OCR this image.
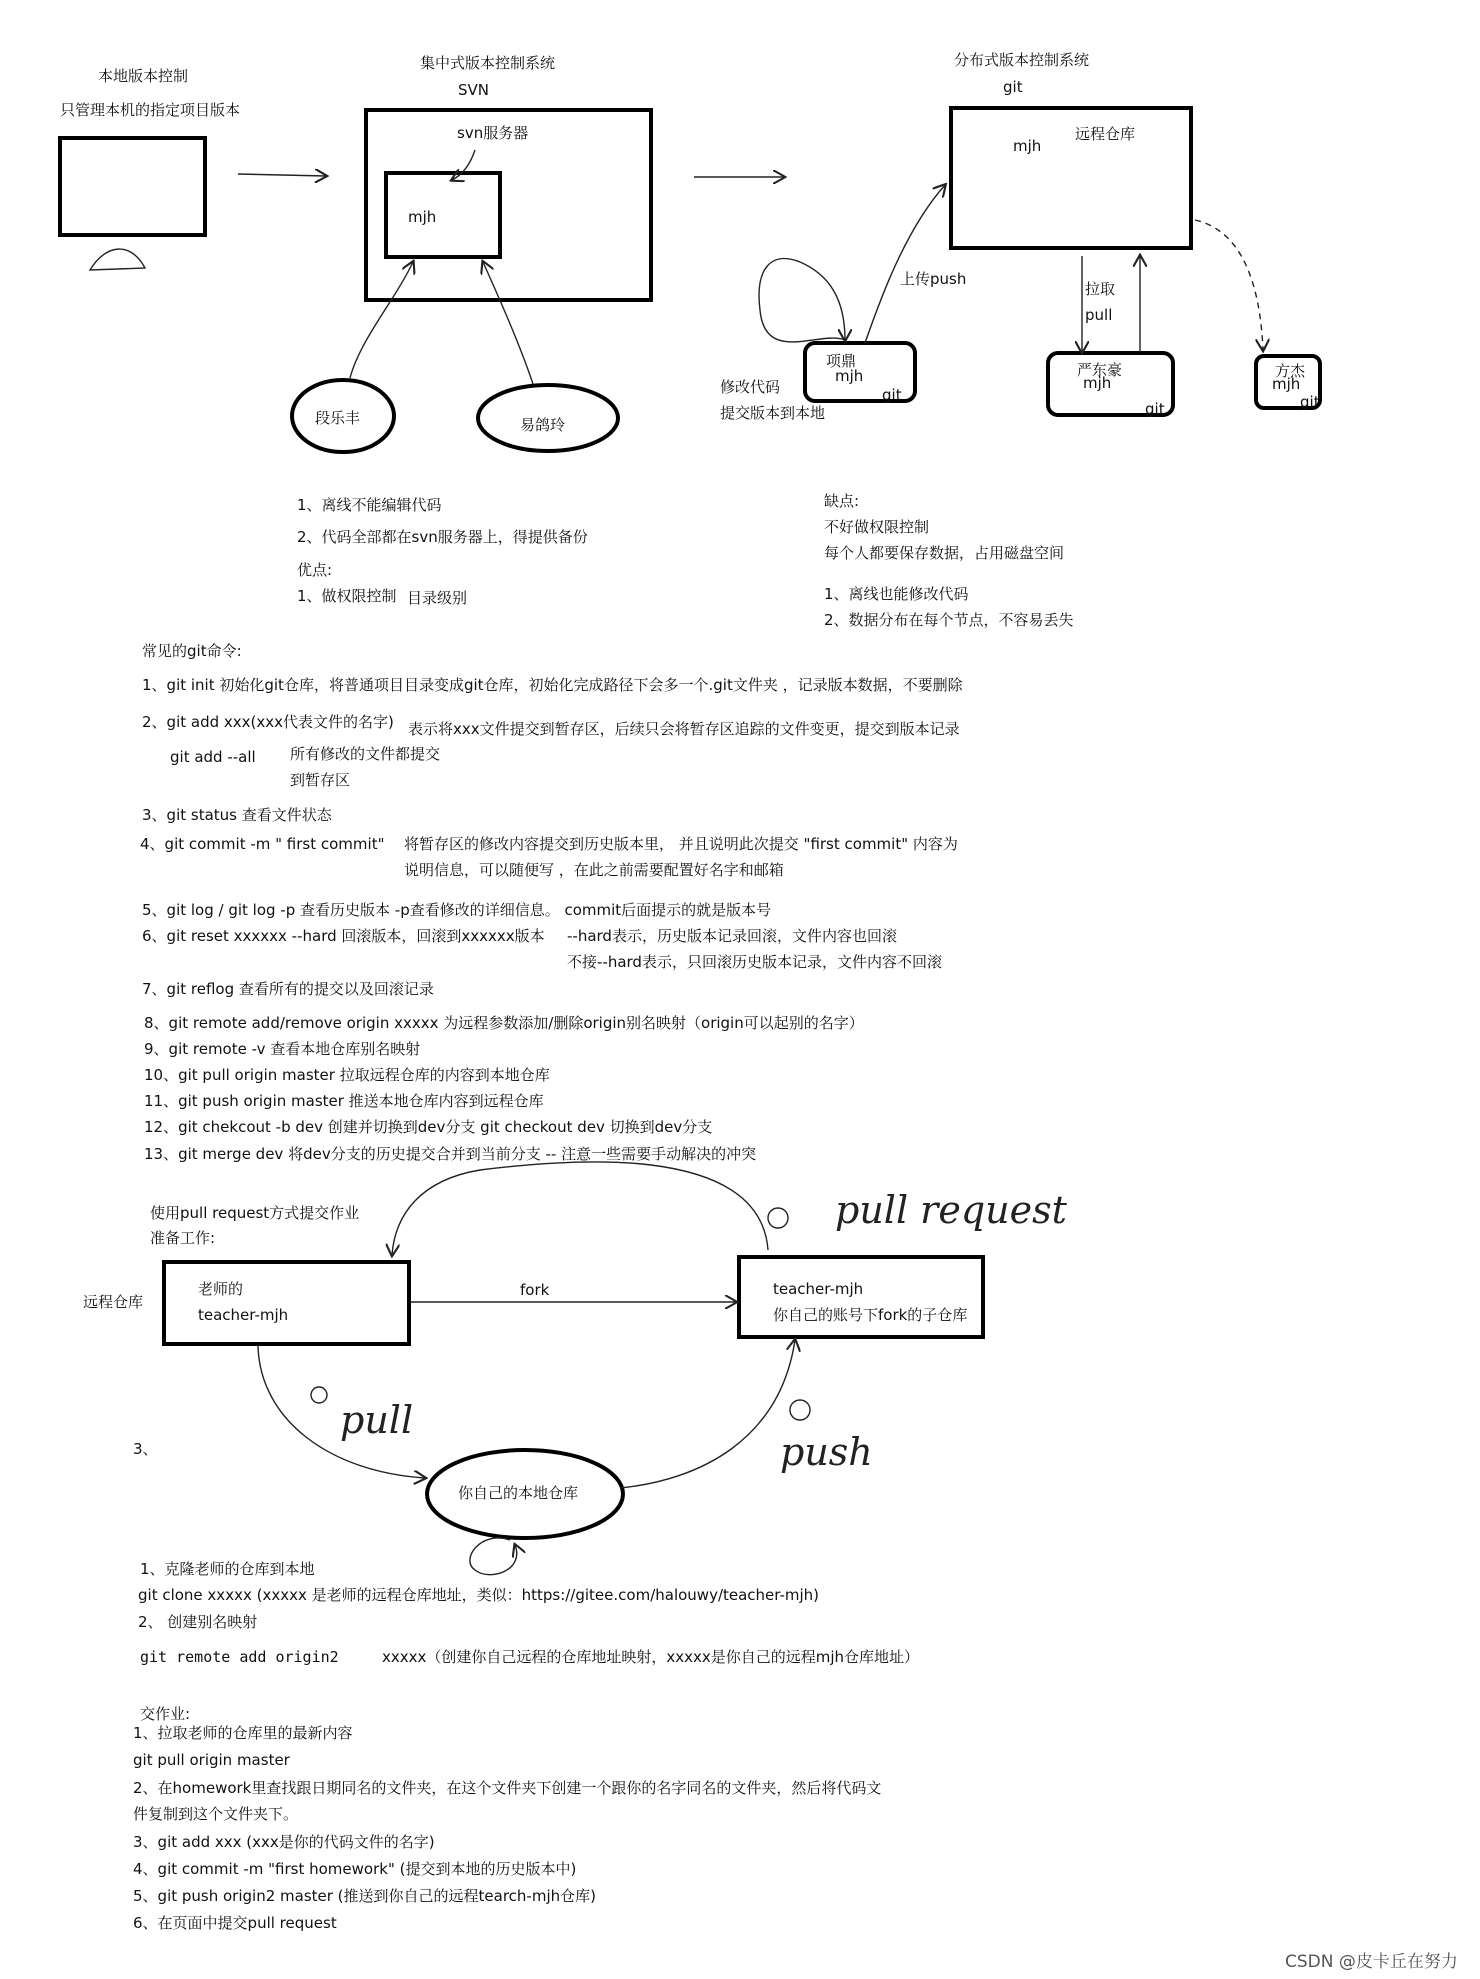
本地版本控制
只管理本机的指定项目版本
集中式版本控制系统
SVN
svn服务器
mjh
段乐丰	易鸽玲
1、离线不能编辑代码
2、代码全部都在svn服务器上，得提供备份
优点:
1、做权限控制 目录级别
分布式版本控制系统
git
mjh
远程仓库
上传push
拉取
pull
修改代码
提交版本到本地
项鼎
mjh
git
严东豪
mjh
git
方杰
mjh
git
缺点:
不好做权限控制
每个人都要保存数据，占用磁盘空间
1、离线也能修改代码
2、数据分布在每个节点，不容易丢失
常见的git命令:
1、git init 初始化git仓库，将普通项目目录变成git仓库，初始化完成路径下会多一个.git文件夹 ，记录版本数据，不要删除
2、git add xxx(xxx代表文件的名字) 表示将xxx文件提交到暂存区，后续只会将暂存区追踪的文件变更，提交到版本记录
git add --all 所有修改的文件都提交
到暂存区
3、git status 查看文件状态
4、git commit -m " first commit" 将暂存区的修改内容提交到历史版本里， 并且说明此次提交 "first commit" 内容为
说明信息，可以随便写 ，在此之前需要配置好名字和邮箱
5、git log / git log -p 查看历史版本 -p查看修改的详细信息。 commit后面提示的就是版本号
6、git reset xxxxxx --hard 回滚版本，回滚到xxxxxx版本 --hard表示，历史版本记录回滚，文件内容也回滚
不接--hard表示，只回滚历史版本记录，文件内容不回滚
7、git reflog 查看所有的提交以及回滚记录
8、git remote add/remove origin xxxxx 为远程参数添加/删除origin别名映射（origin可以起别的名字）
9、git remote -v 查看本地仓库别名映射
10、git pull origin master 拉取远程仓库的内容到本地仓库
11、git push origin master 推送本地仓库内容到远程仓库
12、git chekcout -b dev 创建并切换到dev分支 git checkout dev 切换到dev分支
13、git merge dev 将dev分支的历史提交合并到当前分支 -- 注意一些需要手动解决的冲突
使用pull request方式提交作业
准备工作:
远程仓库
老师的
teacher-mjh
fork	teacher-mjh
你自己的账号下fork的子仓库
你自己的本地仓库
3、
pull
push
pull request
1、克隆老师的仓库到本地
git clone xxxxx (xxxxx 是老师的远程仓库地址，类似：https://gitee.com/halouwy/teacher-mjh)
2、 创建别名映射
git remote add origin2	xxxxx（创建你自己远程的仓库地址映射，xxxxx是你自己的远程mjh仓库地址）
交作业:
1、拉取老师的仓库里的最新内容
git pull origin master
2、在homework里查找跟日期同名的文件夹，在这个文件夹下创建一个跟你的名字同名的文件夹，然后将代码文
件复制到这个文件夹下。
3、git add xxx (xxx是你的代码文件的名字)
4、git commit -m "first homework" (提交到本地的历史版本中)
5、git push origin2 master (推送到你自己的远程tearch-mjh仓库)
6、在页面中提交pull request
CSDN @皮卡丘在努力
